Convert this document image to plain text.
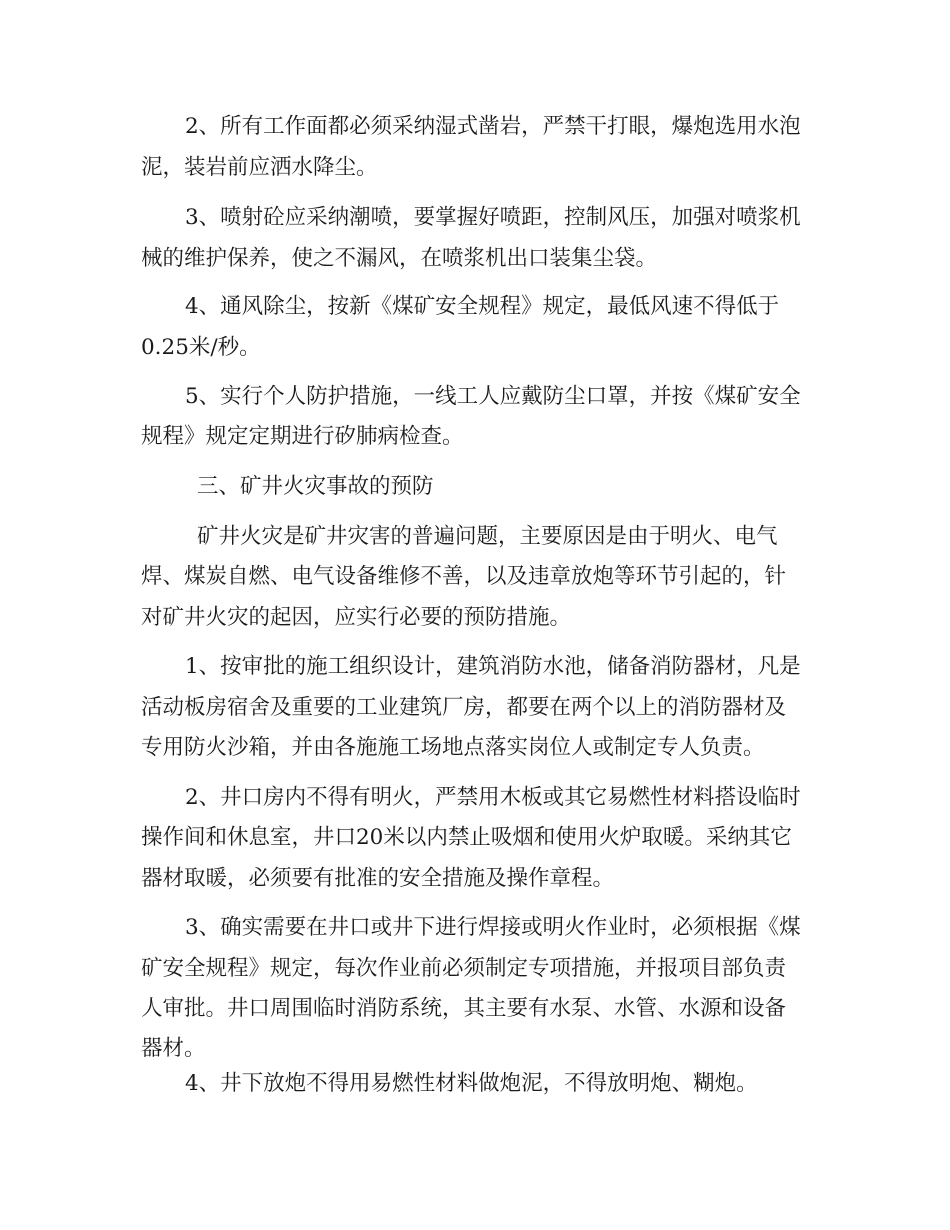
2、所有工作面都必须采纳湿式凿岩，严禁干打眼，爆炮选用水泡
泥，装岩前应洒水降尘。
3、喷射砼应采纳潮喷，要掌握好喷距，控制风压，加强对喷浆机
械的维护保养，使之不漏风，在喷浆机出口装集尘袋。
4、通风除尘，按新《煤矿安全规程》规定，最低风速不得低于
0.25米/秒。
5、实行个人防护措施，一线工人应戴防尘口罩，并按《煤矿安全
规程》规定定期进行矽肺病检查。
三、矿井火灾事故的预防
矿井火灾是矿井灾害的普遍问题，主要原因是由于明火、电气
焊、煤炭自燃、电气设备维修不善，以及违章放炮等环节引起的，针
对矿井火灾的起因，应实行必要的预防措施。
1、按审批的施工组织设计，建筑消防水池，储备消防器材，凡是
活动板房宿舍及重要的工业建筑厂房，都要在两个以上的消防器材及
专用防火沙箱，并由各施施工场地点落实岗位人或制定专人负责。
2、井口房内不得有明火，严禁用木板或其它易燃性材料搭设临时
操作间和休息室，井口20米以内禁止吸烟和使用火炉取暖。采纳其它
器材取暖，必须要有批准的安全措施及操作章程。
3、确实需要在井口或井下进行焊接或明火作业时，必须根据《煤
矿安全规程》规定，每次作业前必须制定专项措施，并报项目部负责
人审批。井口周围临时消防系统，其主要有水泵、水管、水源和设备
器材。
4、井下放炮不得用易燃性材料做炮泥，不得放明炮、糊炮。
